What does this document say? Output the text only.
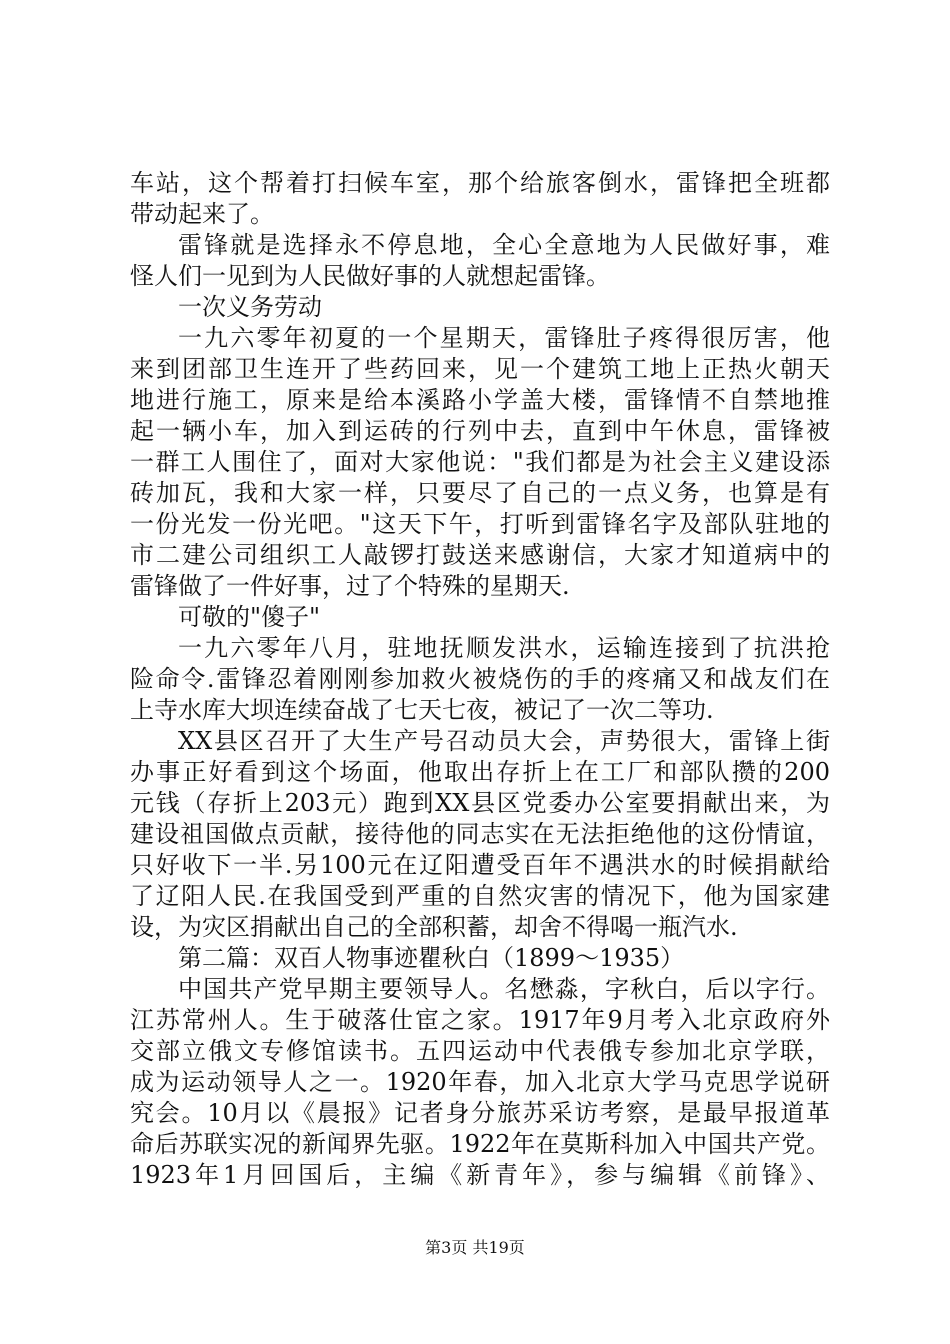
车站，这个帮着打扫候车室，那个给旅客倒水，雷锋把全班都
带动起来了。
雷锋就是选择永不停息地，全心全意地为人民做好事，难
怪人们一见到为人民做好事的人就想起雷锋。
一次义务劳动
一九六零年初夏的一个星期天，雷锋肚子疼得很厉害，他
来到团部卫生连开了些药回来，见一个建筑工地上正热火朝天
地进行施工，原来是给本溪路小学盖大楼，雷锋情不自禁地推
起一辆小车，加入到运砖的行列中去，直到中午休息，雷锋被
一群工人围住了，面对大家他说："我们都是为社会主义建设添
砖加瓦，我和大家一样，只要尽了自己的一点义务，也算是有
一份光发一份光吧。"这天下午，打听到雷锋名字及部队驻地的
市二建公司组织工人敲锣打鼓送来感谢信，大家才知道病中的
雷锋做了一件好事，过了个特殊的星期天.
可敬的"傻子"
一九六零年八月，驻地抚顺发洪水，运输连接到了抗洪抢
险命令.雷锋忍着刚刚参加救火被烧伤的手的疼痛又和战友们在
上寺水库大坝连续奋战了七天七夜，被记了一次二等功.
XX县区召开了大生产号召动员大会，声势很大，雷锋上街
办事正好看到这个场面，他取出存折上在工厂和部队攒的200
元钱（存折上203元）跑到XX县区党委办公室要捐献出来，为
建设祖国做点贡献，接待他的同志实在无法拒绝他的这份情谊，
只好收下一半.另100元在辽阳遭受百年不遇洪水的时候捐献给
了辽阳人民.在我国受到严重的自然灾害的情况下，他为国家建
设，为灾区捐献出自己的全部积蓄，却舍不得喝一瓶汽水.
第二篇：双百人物事迹瞿秋白（1899～1935）
中国共产党早期主要领导人。名懋淼，字秋白，后以字行。
江苏常州人。生于破落仕宦之家。1917年9月考入北京政府外
交部立俄文专修馆读书。五四运动中代表俄专参加北京学联，
成为运动领导人之一。1920年春，加入北京大学马克思学说研
究会。10月以《晨报》记者身分旅苏采访考察，是最早报道革
命后苏联实况的新闻界先驱。1922年在莫斯科加入中国共产党。
1923年1月回国后，主编《新青年》，参与编辑《前锋》、
第3页 共19页
